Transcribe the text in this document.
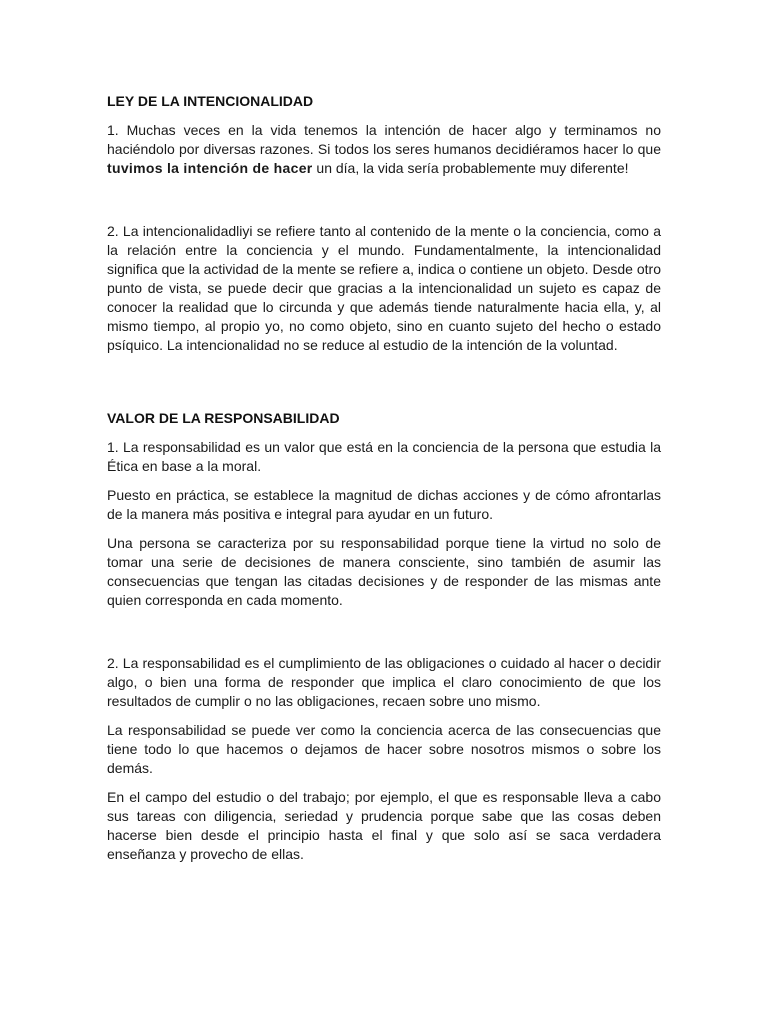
LEY DE LA INTENCIONALIDAD

1. Muchas veces en la vida tenemos la intención de hacer algo y terminamos no haciéndolo por diversas razones. Si todos los seres humanos decidiéramos hacer lo que tuvimos la intención de hacer un día, la vida sería probablemente muy diferente!

2. La intencionalidadliyi se refiere tanto al contenido de la mente o la conciencia, como a la relación entre la conciencia y el mundo. Fundamentalmente, la intencionalidad significa que la actividad de la mente se refiere a, indica o contiene un objeto. Desde otro punto de vista, se puede decir que gracias a la intencionalidad un sujeto es capaz de conocer la realidad que lo circunda y que además tiende naturalmente hacia ella, y, al mismo tiempo, al propio yo, no como objeto, sino en cuanto sujeto del hecho o estado psíquico. La intencionalidad no se reduce al estudio de la intención de la voluntad.

VALOR DE LA RESPONSABILIDAD

1. La responsabilidad es un valor que está en la conciencia de la persona que estudia la Ética en base a la moral.

Puesto en práctica, se establece la magnitud de dichas acciones y de cómo afrontarlas de la manera más positiva e integral para ayudar en un futuro.

Una persona se caracteriza por su responsabilidad porque tiene la virtud no solo de tomar una serie de decisiones de manera consciente, sino también de asumir las consecuencias que tengan las citadas decisiones y de responder de las mismas ante quien corresponda en cada momento.

2. La responsabilidad es el cumplimiento de las obligaciones o cuidado al hacer o decidir algo, o bien una forma de responder que implica el claro conocimiento de que los resultados de cumplir o no las obligaciones, recaen sobre uno mismo.

La responsabilidad se puede ver como la conciencia acerca de las consecuencias que tiene todo lo que hacemos o dejamos de hacer sobre nosotros mismos o sobre los demás.

En el campo del estudio o del trabajo; por ejemplo, el que es responsable lleva a cabo sus tareas con diligencia, seriedad y prudencia porque sabe que las cosas deben hacerse bien desde el principio hasta el final y que solo así se saca verdadera enseñanza y provecho de ellas.
